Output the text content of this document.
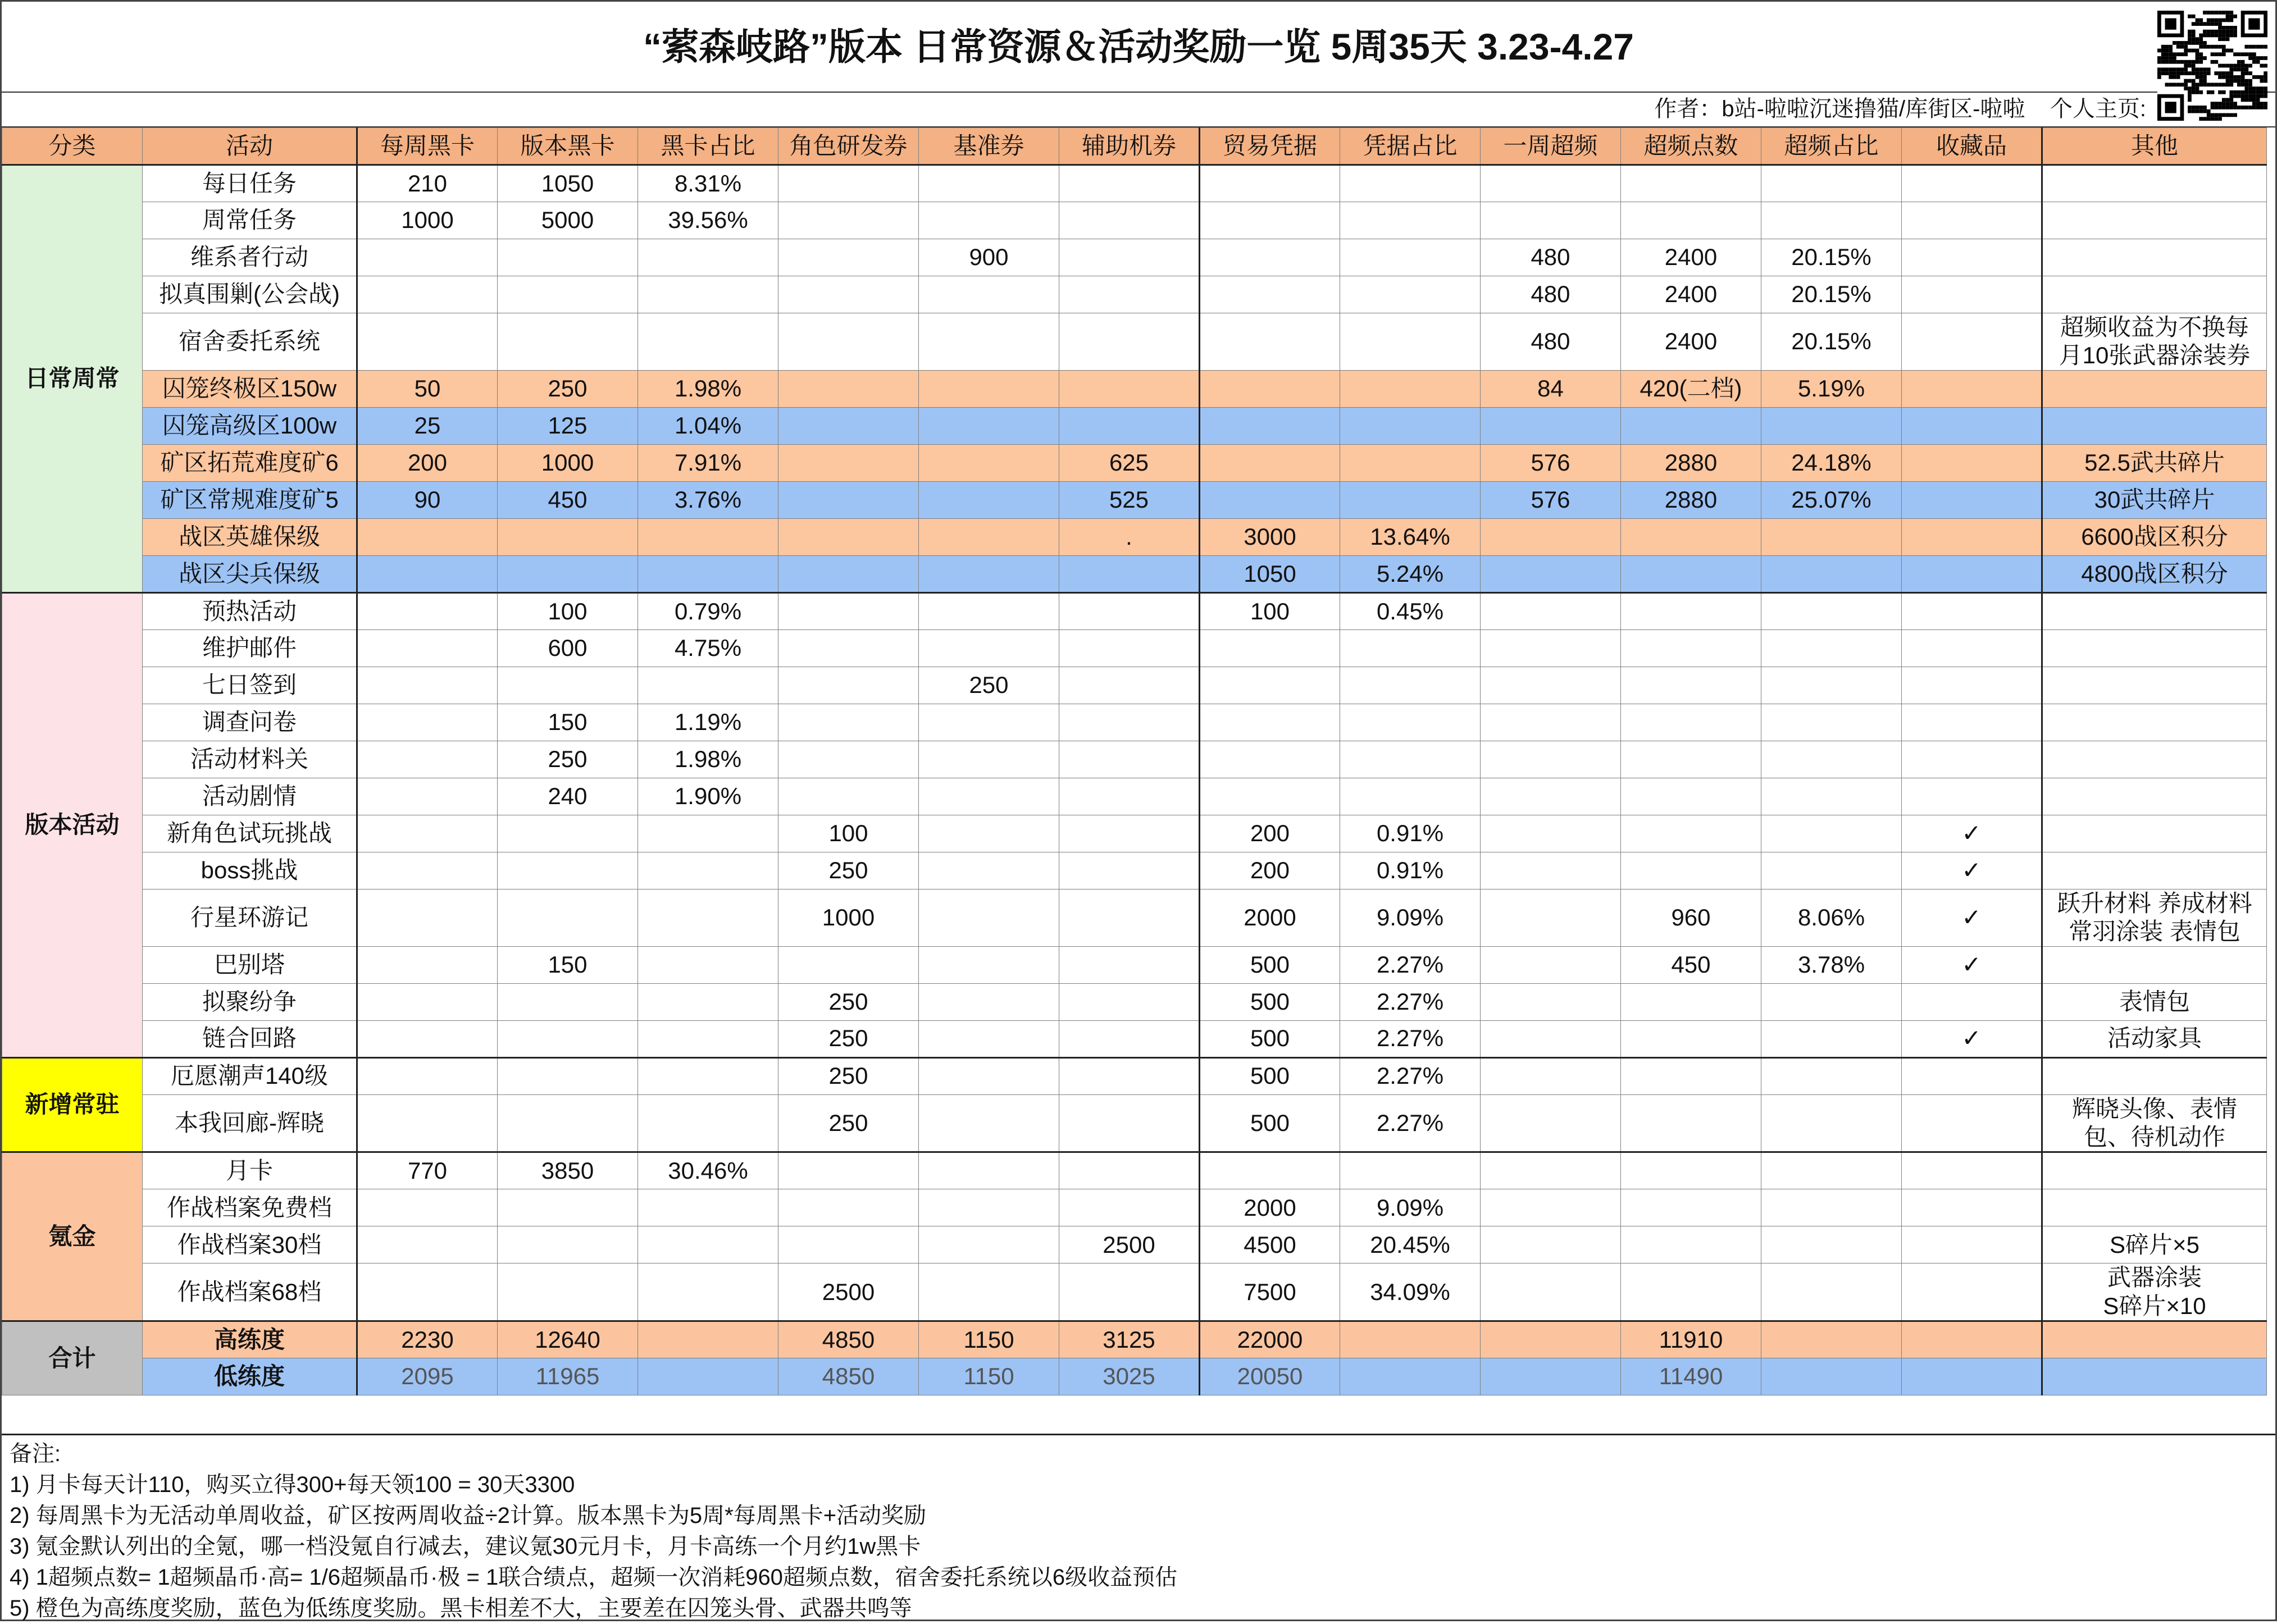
“萦森岐路”版本 日常资源＆活动奖励一览 5周35天 3.23-4.27
作者：b站-啦啦沉迷撸猫/库街区-啦啦    个人主页:
分类	活动	每周黑卡	版本黑卡	黑卡占比	角色研发券	基准券	辅助机券	贸易凭据	凭据占比	一周超频	超频点数	超频占比	收藏品	其他
日常周常	每日任务	210	1050	8.31%										
	周常任务	1000	5000	39.56%										
	维系者行动					900				480	2400	20.15%		
	拟真围剿(公会战)									480	2400	20.15%		
	宿舍委托系统									480	2400	20.15%		超频收益为不换每
月10张武器涂装券
	囚笼终极区150w	50	250	1.98%						84	420(二档)	5.19%		
	囚笼高级区100w	25	125	1.04%										
	矿区拓荒难度矿6	200	1000	7.91%			625			576	2880	24.18%		52.5武共碎片
	矿区常规难度矿5	90	450	3.76%			525			576	2880	25.07%		30武共碎片
	战区英雄保级						.	3000	13.64%					6600战区积分
	战区尖兵保级							1050	5.24%					4800战区积分
版本活动	预热活动		100	0.79%				100	0.45%					
	维护邮件		600	4.75%										
	七日签到					250								
	调查问卷		150	1.19%										
	活动材料关		250	1.98%										
	活动剧情		240	1.90%										
	新角色试玩挑战				100			200	0.91%				✓	
	boss挑战				250			200	0.91%				✓	
	行星环游记				1000			2000	9.09%		960	8.06%	✓	跃升材料 养成材料
常羽涂装 表情包
	巴别塔		150					500	2.27%		450	3.78%	✓	
	拟聚纷争				250			500	2.27%					表情包
	链合回路				250			500	2.27%				✓	活动家具
新增常驻	厄愿潮声140级				250			500	2.27%					
	本我回廊-辉晓				250			500	2.27%					辉晓头像、表情
包、待机动作
氪金	月卡	770	3850	30.46%										
	作战档案免费档							2000	9.09%					
	作战档案30档						2500	4500	20.45%					S碎片×5
	作战档案68档				2500			7500	34.09%					武器涂装
S碎片×10
合计	高练度	2230	12640		4850	1150	3125	22000			11910			
	低练度	2095	11965		4850	1150	3025	20050			11490			
备注:
1) 月卡每天计110，购买立得300+每天领100 = 30天3300
2) 每周黑卡为无活动单周收益，矿区按两周收益÷2计算。版本黑卡为5周*每周黑卡+活动奖励
3) 氪金默认列出的全氪，哪一档没氪自行减去，建议氪30元月卡，月卡高练一个月约1w黑卡
4) 1超频点数= 1超频晶币·高= 1/6超频晶币·极 = 1联合绩点，超频一次消耗960超频点数，宿舍委托系统以6级收益预估
5) 橙色为高练度奖励，蓝色为低练度奖励。黑卡相差不大，主要差在囚笼头骨、武器共鸣等
